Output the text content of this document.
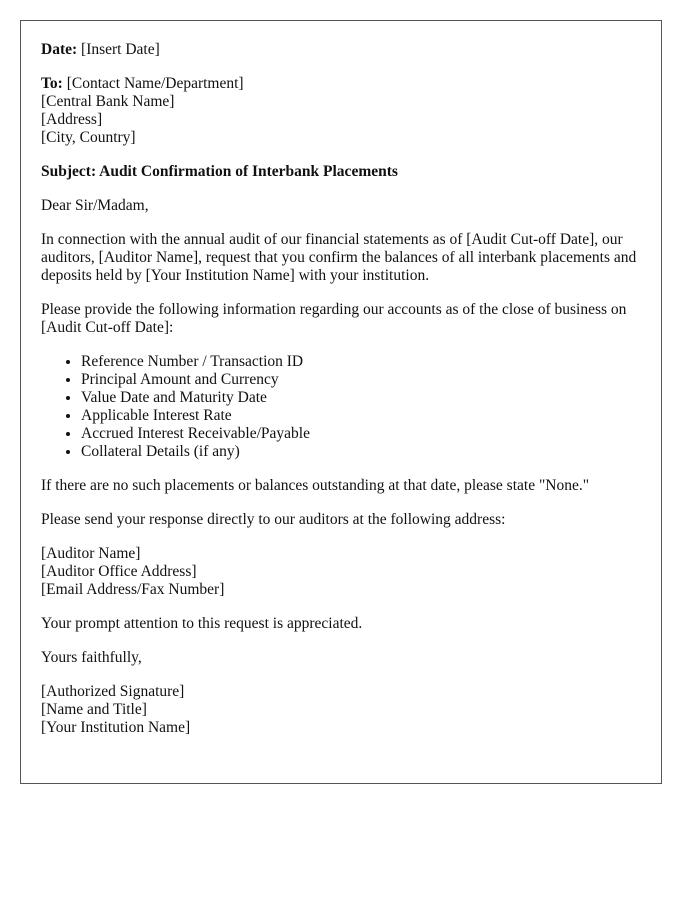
Date: [Insert Date]

To: [Contact Name/Department]
[Central Bank Name]
[Address]
[City, Country]

Subject: Audit Confirmation of Interbank Placements

Dear Sir/Madam,

In connection with the annual audit of our financial statements as of [Audit Cut-off Date], our auditors, [Auditor Name], request that you confirm the balances of all interbank placements and deposits held by [Your Institution Name] with your institution.

Please provide the following information regarding our accounts as of the close of business on [Audit Cut-off Date]:

• Reference Number / Transaction ID
• Principal Amount and Currency
• Value Date and Maturity Date
• Applicable Interest Rate
• Accrued Interest Receivable/Payable
• Collateral Details (if any)

If there are no such placements or balances outstanding at that date, please state "None."

Please send your response directly to our auditors at the following address:

[Auditor Name]
[Auditor Office Address]
[Email Address/Fax Number]

Your prompt attention to this request is appreciated.

Yours faithfully,

[Authorized Signature]
[Name and Title]
[Your Institution Name]
